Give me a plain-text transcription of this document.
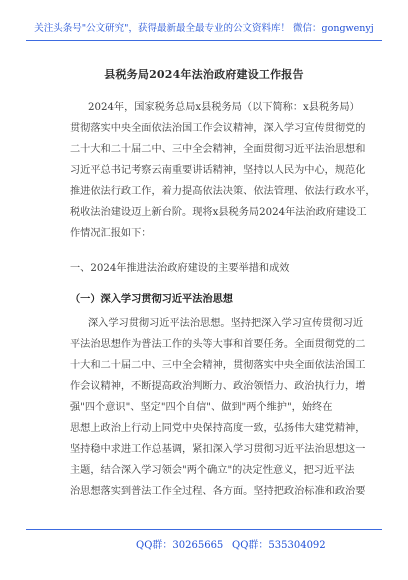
关注头条号"公文研究"，获得最新最全最专业的公文资料库！ 微信：gongwenyj
县税务局2024年法治政府建设工作报告
2024年，国家税务总局x县税务局（以下简称：x县税务局）
贯彻落实中央全面依法治国工作会议精神，深入学习宣传贯彻党的
二十大和二十届二中、三中全会精神，全面贯彻习近平法治思想和
习近平总书记考察云南重要讲话精神，坚持以人民为中心，规范化
推进依法行政工作，着力提高依法决策、依法管理、依法行政水平，
税收法治建设迈上新台阶。现将x县税务局2024年法治政府建设工
作情况汇报如下：
一、2024年推进法治政府建设的主要举措和成效
（一）深入学习贯彻习近平法治思想
深入学习贯彻习近平法治思想。坚持把深入学习宣传贯彻习近
平法治思想作为普法工作的头等大事和首要任务。全面贯彻党的二
十大和二十届二中、三中全会精神，贯彻落实中央全面依法治国工
作会议精神，不断提高政治判断力、政治领悟力、政治执行力，增
强"四个意识"、坚定"四个自信"、做到"两个维护"，始终在
思想上政治上行动上同党中央保持高度一致，弘扬伟大建党精神，
坚持稳中求进工作总基调，紧扣深入学习贯彻习近平法治思想这一
主题，结合深入学习领会"两个确立"的决定性意义，把习近平法
治思想落实到普法工作全过程、各方面。坚持把政治标准和政治要
QQ群：30265665 QQ群：535304092
